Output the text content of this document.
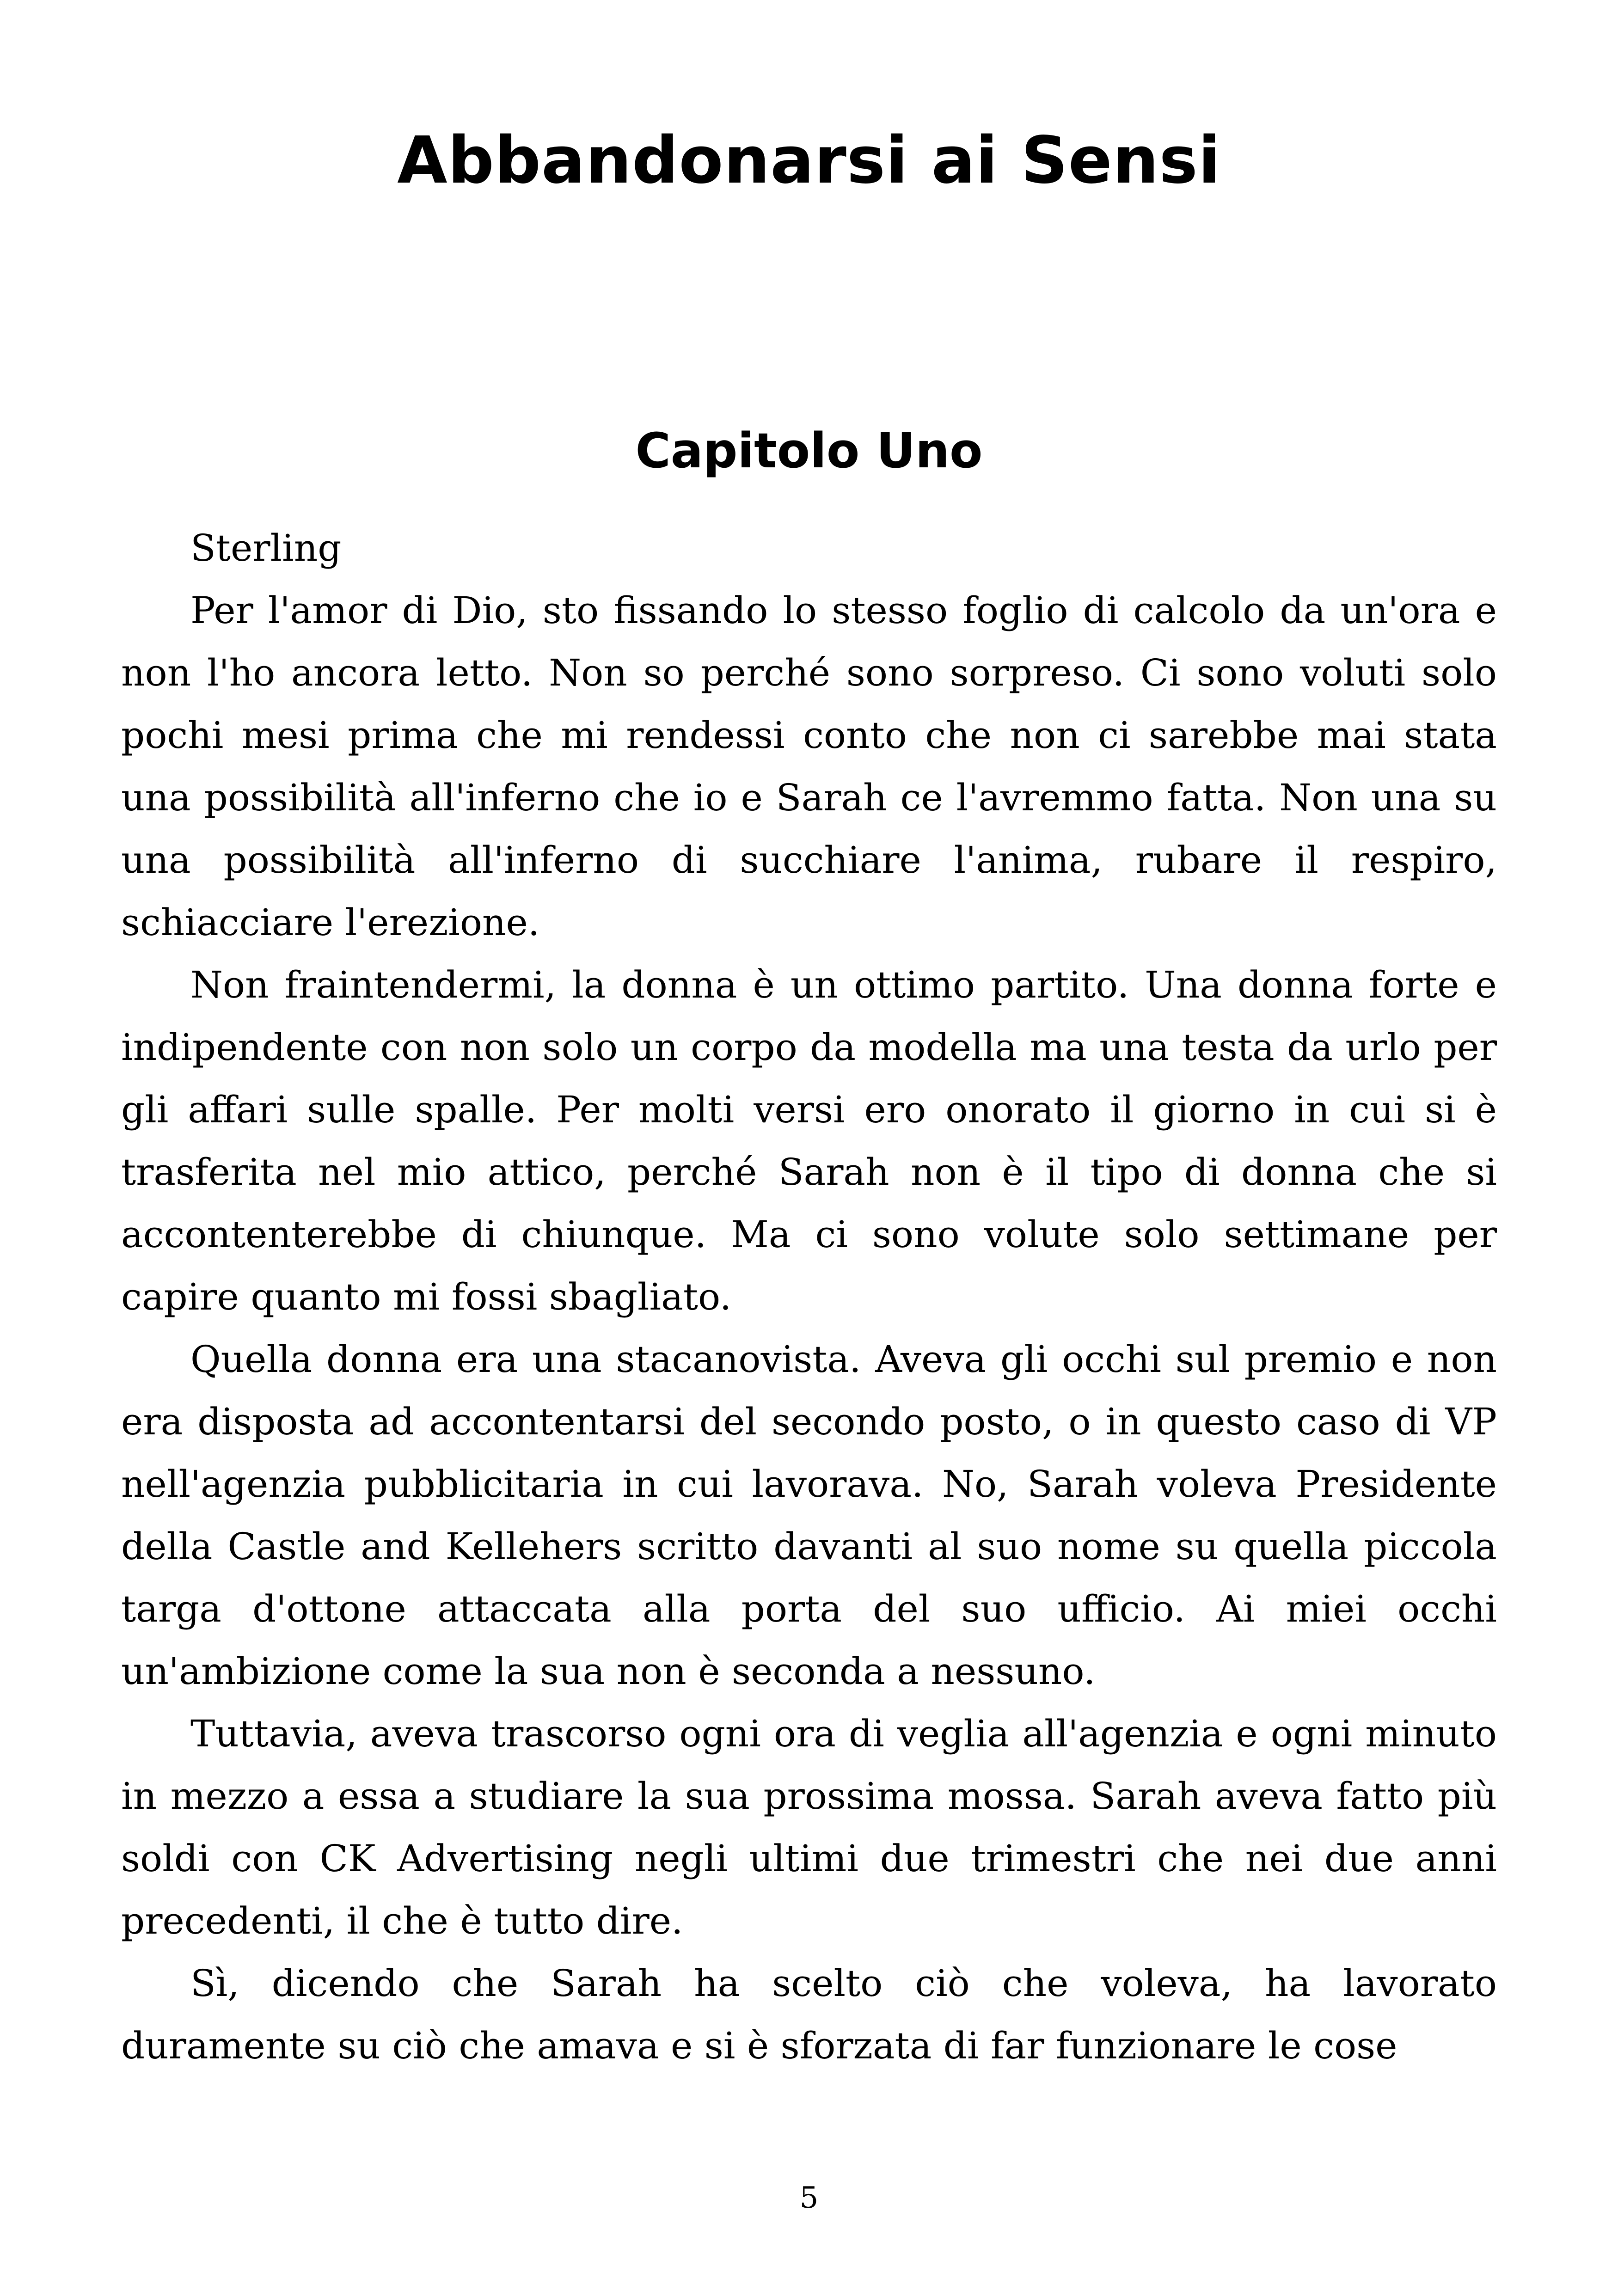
Abbandonarsi ai Sensi
Capitolo Uno

Sterling

Per l'amor di Dio, sto fissando lo stesso foglio di calcolo da un'ora e non l'ho ancora letto. Non so perché sono sorpreso. Ci sono voluti solo pochi mesi prima che mi rendessi conto che non ci sarebbe mai stata una possibilità all'inferno che io e Sarah ce l'avremmo fatta. Non una su una possibilità all'inferno di succhiare l'anima, rubare il respiro, schiacciare l'erezione.

Non fraintendermi, la donna è un ottimo partito. Una donna forte e indipendente con non solo un corpo da modella ma una testa da urlo per gli affari sulle spalle. Per molti versi ero onorato il giorno in cui si è trasferita nel mio attico, perché Sarah non è il tipo di donna che si accontenterebbe di chiunque. Ma ci sono volute solo settimane per capire quanto mi fossi sbagliato.

Quella donna era una stacanovista. Aveva gli occhi sul premio e non era disposta ad accontentarsi del secondo posto, o in questo caso di VP nell'agenzia pubblicitaria in cui lavorava. No, Sarah voleva Presidente della Castle and Kellehers scritto davanti al suo nome su quella piccola targa d'ottone attaccata alla porta del suo ufficio. Ai miei occhi un'ambizione come la sua non è seconda a nessuno.

Tuttavia, aveva trascorso ogni ora di veglia all'agenzia e ogni minuto in mezzo a essa a studiare la sua prossima mossa. Sarah aveva fatto più soldi con CK Advertising negli ultimi due trimestri che nei due anni precedenti, il che è tutto dire.

Sì, dicendo che Sarah ha scelto ciò che voleva, ha lavorato duramente su ciò che amava e si è sforzata di far funzionare le cose

5
